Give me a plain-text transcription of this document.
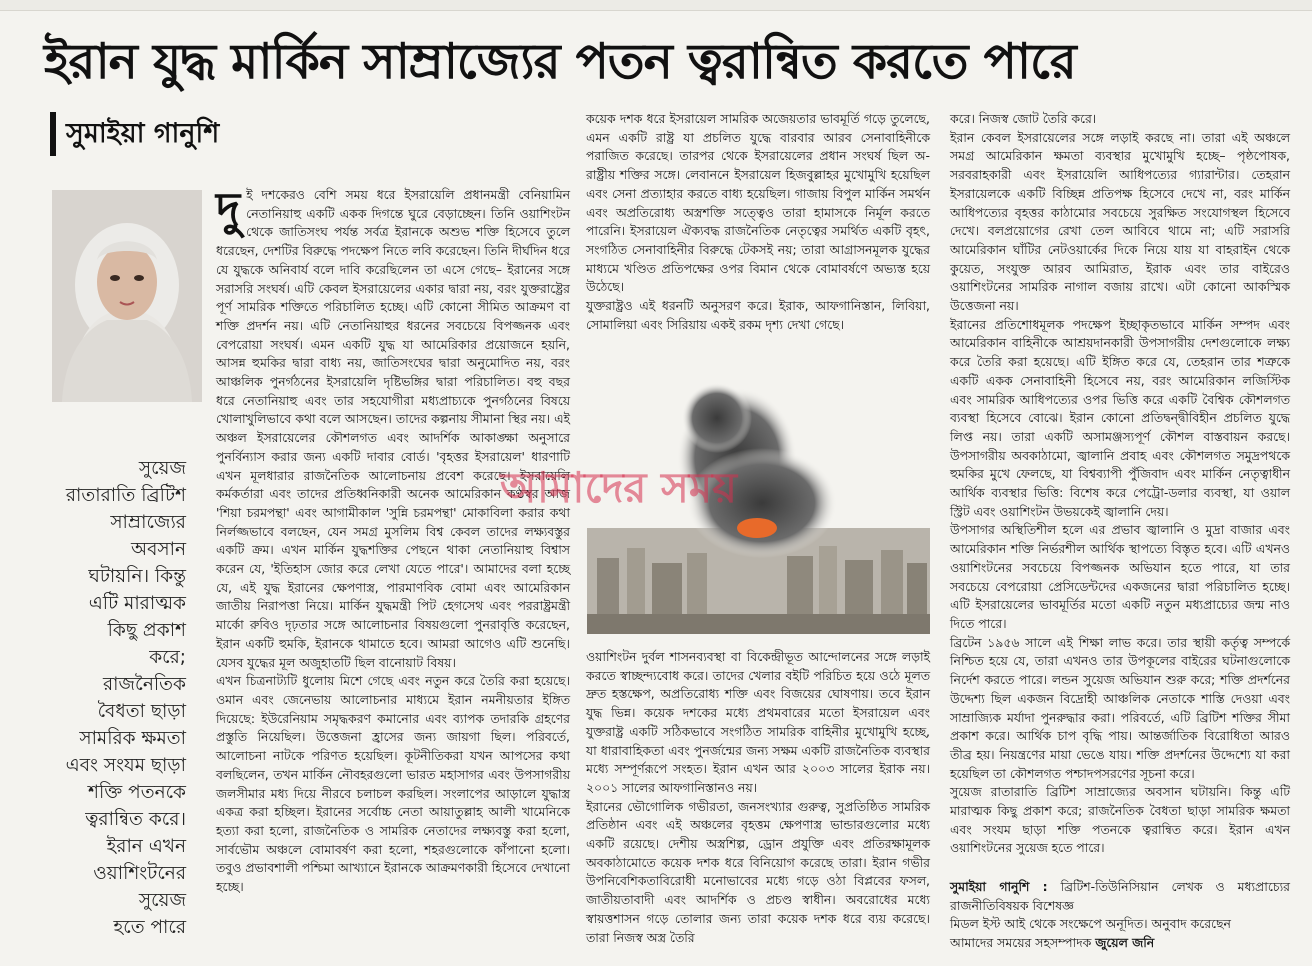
ইরান যুদ্ধ মার্কিন সাম্রাজ্যের পতন ত্বরান্বিত করতে পারে
সুমাইয়া গানুশি
সুয়েজ
রাতারাতি ব্রিটিশ
সাম্রাজ্যের
অবসান
ঘটায়নি। কিন্তু
এটি মারাত্মক
কিছু প্রকাশ
করে;
রাজনৈতিক
বৈধতা ছাড়া
সামরিক ক্ষমতা
এবং সংযম ছাড়া
শক্তি পতনকে
ত্বরান্বিত করে।
ইরান এখন
ওয়াশিংটনের
সুয়েজ
হতে পারে
দু ই দশকেরও বেশি সময় ধরে ইসরায়েলি প্রধানমন্ত্রী বেনিয়ামিন নেতানিয়াহু একটি একক দিগন্তে ঘুরে বেড়াচ্ছেন। তিনি ওয়াশিংটন থেকে জাতিসংঘ পর্যন্ত সর্বত্র ইরানকে অশুভ শক্তি হিসেবে তুলে ধরেছেন, দেশটির বিরুদ্ধে পদক্ষেপ নিতে লবি করেছেন। তিনি দীর্ঘদিন ধরে যে যুদ্ধকে অনিবার্য বলে দাবি করেছিলেন তা এসে গেছে– ইরানের সঙ্গে সরাসরি সংঘর্ষ। এটি কেবল ইসরায়েলের একার দ্বারা নয়, বরং যুক্তরাষ্ট্রের পূর্ণ সামরিক শক্তিতে পরিচালিত হচ্ছে। এটি কোনো সীমিত আক্রমণ বা শক্তি প্রদর্শন নয়। এটি নেতানিয়াহুর ধরনের সবচেয়ে বিপজ্জনক এবং বেপরোয়া সংঘর্ষ। এমন একটি যুদ্ধ যা আমেরিকার প্রয়োজনে হয়নি, আসন্ন হুমকির দ্বারা বাধ্য নয়, জাতিসংঘের দ্বারা অনুমোদিত নয়, বরং আঞ্চলিক পুনর্গঠনের ইসরায়েলি দৃষ্টিভঙ্গির দ্বারা পরিচালিত। বহু বছর ধরে নেতানিয়াহু এবং তার সহযোগীরা মধ্যপ্রাচ্যকে পুনর্গঠনের বিষয়ে খোলাখুলিভাবে কথা বলে আসছেন। তাদের কল্পনায় সীমানা স্থির নয়। এই অঞ্চল ইসরায়েলের কৌশলগত এবং আদর্শিক আকাঙ্ক্ষা অনুসারে পুনর্বিন্যাস করার জন্য একটি দাবার বোর্ড। 'বৃহত্তর ইসরায়েল' ধারণাটি এখন মূলধারার রাজনৈতিক আলোচনায় প্রবেশ করেছে। ইসরায়েলি কর্মকর্তারা এবং তাদের প্রতিধ্বনিকারী অনেক আমেরিকান কণ্ঠস্বর আজ 'শিয়া চরমপন্থা' এবং আগামীকাল 'সুন্নি চরমপন্থা' মোকাবিলা করার কথা নির্লজ্জভাবে বলছেন, যেন সমগ্র মুসলিম বিশ্ব কেবল তাদের লক্ষ্যবস্তুর একটি ক্রম। এখন মার্কিন যুদ্ধশক্তির পেছনে থাকা নেতানিয়াহু বিশ্বাস করেন যে, 'ইতিহাস জোর করে লেখা যেতে পারে'। আমাদের বলা হচ্ছে যে, এই যুদ্ধ ইরানের ক্ষেপণাস্ত্র, পারমাণবিক বোমা এবং আমেরিকান জাতীয় নিরাপত্তা নিয়ে। মার্কিন যুদ্ধমন্ত্রী পিট হেগসেথ এবং পররাষ্ট্রমন্ত্রী মার্কো রুবিও দৃঢ়তার সঙ্গে আলোচনার বিষয়গুলো পুনরাবৃত্তি করেছেন, ইরান একটি হুমকি, ইরানকে থামাতে হবে। আমরা আগেও এটি শুনেছি। যেসব যুদ্ধের মূল অজুহাতটি ছিল বানোয়াট বিষয়।

এখন চিত্রনাট্যটি ধুলোয় মিশে গেছে এবং নতুন করে তৈরি করা হয়েছে। ওমান এবং জেনেভায় আলোচনার মাধ্যমে ইরান নমনীয়তার ইঙ্গিত দিয়েছে: ইউরেনিয়াম সমৃদ্ধকরণ কমানোর এবং ব্যাপক তদারকি গ্রহণের প্রস্তুতি নিয়েছিল। উত্তেজনা হ্রাসের জন্য জায়গা ছিল। পরিবর্তে, আলোচনা নাটকে পরিণত হয়েছিল। কূটনীতিকরা যখন আপসের কথা বলছিলেন, তখন মার্কিন নৌবহরগুলো ভারত মহাসাগর এবং উপসাগরীয় জলসীমার মধ্য দিয়ে নীরবে চলাচল করছিল। সংলাপের আড়ালে যুদ্ধাস্ত্র একত্র করা হচ্ছিল। ইরানের সর্বোচ্চ নেতা আয়াতুল্লাহ আলী খামেনিকে হত্যা করা হলো, রাজনৈতিক ও সামরিক নেতাদের লক্ষ্যবস্তু করা হলো, সার্বভৌম অঞ্চলে বোমাবর্ষণ করা হলো, শহরগুলোকে কাঁপানো হলো। তবুও প্রভাবশালী পশ্চিমা আখ্যানে ইরানকে আক্রমণকারী হিসেবে দেখানো হচ্ছে।

কয়েক দশক ধরে ইসরায়েল সামরিক অজেয়তার ভাবমূর্তি গড়ে তুলেছে, এমন একটি রাষ্ট্র যা প্রচলিত যুদ্ধে বারবার আরব সেনাবাহিনীকে পরাজিত করেছে। তারপর থেকে ইসরায়েলের প্রধান সংঘর্ষ ছিল অ-রাষ্ট্রীয় শক্তির সঙ্গে। লেবাননে ইসরায়েল হিজবুল্লাহর মুখোমুখি হয়েছিল এবং সেনা প্রত্যাহার করতে বাধ্য হয়েছিল। গাজায় বিপুল মার্কিন সমর্থন এবং অপ্রতিরোধ্য অস্ত্রশক্তি সত্ত্বেও তারা হামাসকে নির্মূল করতে পারেনি। ইসরায়েল ঐক্যবদ্ধ রাজনৈতিক নেতৃত্বের সমর্থিত একটি বৃহৎ, সংগঠিত সেনাবাহিনীর বিরুদ্ধে টেকসই নয়; তারা আগ্রাসনমূলক যুদ্ধের মাধ্যমে খণ্ডিত প্রতিপক্ষের ওপর বিমান থেকে বোমাবর্ষণে অভ্যস্ত হয়ে উঠেছে।

যুক্তরাষ্ট্রও এই ধরনটি অনুসরণ করে। ইরাক, আফগানিস্তান, লিবিয়া, সোমালিয়া এবং সিরিয়ায় একই রকম দৃশ্য দেখা গেছে।

আমাদের সময়

ওয়াশিংটন দুর্বল শাসনব্যবস্থা বা বিকেন্দ্রীভূত আন্দোলনের সঙ্গে লড়াই করতে স্বাচ্ছন্দ্যবোধ করে। তাদের খেলার বইটি পরিচিত হয়ে ওঠে মূলত দ্রুত হস্তক্ষেপ, অপ্রতিরোধ্য শক্তি এবং বিজয়ের ঘোষণায়। তবে ইরান যুদ্ধ ভিন্ন। কয়েক দশকের মধ্যে প্রথমবারের মতো ইসরায়েল এবং যুক্তরাষ্ট্র একটি সঠিকভাবে সংগঠিত সামরিক বাহিনীর মুখোমুখি হচ্ছে, যা ধারাবাহিকতা এবং পুনর্জন্মের জন্য সক্ষম একটি রাজনৈতিক ব্যবস্থার মধ্যে সম্পূর্ণরূপে সংহত। ইরান এখন আর ২০০৩ সালের ইরাক নয়। ২০০১ সালের আফগানিস্তানও নয়।

ইরানের ভৌগোলিক গভীরতা, জনসংখ্যার গুরুত্ব, সুপ্রতিষ্ঠিত সামরিক প্রতিষ্ঠান এবং এই অঞ্চলের বৃহত্তম ক্ষেপণাস্ত্র ভান্ডারগুলোর মধ্যে একটি রয়েছে। দেশীয় অস্ত্রশিল্প, ড্রোন প্রযুক্তি এবং প্রতিরক্ষামূলক অবকাঠামোতে কয়েক দশক ধরে বিনিয়োগ করেছে তারা। ইরান গভীর উপনিবেশিকতাবিরোধী মনোভাবের মধ্যে গড়ে ওঠা বিপ্লবের ফসল, জাতীয়তাবাদী এবং আদর্শিক ও প্রচণ্ড স্বাধীন। অবরোধের মধ্যে স্বায়ত্তশাসন গড়ে তোলার জন্য তারা কয়েক দশক ধরে ব্যয় করেছে। তারা নিজস্ব অস্ত্র তৈরি

করে। নিজস্ব জোট তৈরি করে।

ইরান কেবল ইসরায়েলের সঙ্গে লড়াই করছে না। তারা এই অঞ্চলে সমগ্র আমেরিকান ক্ষমতা ব্যবস্থার মুখোমুখি হচ্ছে– পৃষ্ঠপোষক, সরবরাহকারী এবং ইসরায়েলি আধিপত্যের গ্যারান্টার। তেহরান ইসরায়েলকে একটি বিচ্ছিন্ন প্রতিপক্ষ হিসেবে দেখে না, বরং মার্কিন আধিপত্যের বৃহত্তর কাঠামোর সবচেয়ে সুরক্ষিত সংযোগস্থল হিসেবে দেখে। বলপ্রয়োগের রেখা তেল আবিবে থামে না; এটি সরাসরি আমেরিকান ঘাঁটির নেটওয়ার্কের দিকে নিয়ে যায় যা বাহরাইন থেকে কুয়েত, সংযুক্ত আরব আমিরাত, ইরাক এবং তার বাইরেও ওয়াশিংটনের সামরিক নাগাল বজায় রাখে। এটা কোনো আকস্মিক উত্তেজনা নয়।

ইরানের প্রতিশোধমূলক পদক্ষেপ ইচ্ছাকৃতভাবে মার্কিন সম্পদ এবং আমেরিকান বাহিনীকে আশ্রয়দানকারী উপসাগরীয় দেশগুলোকে লক্ষ্য করে তৈরি করা হয়েছে। এটি ইঙ্গিত করে যে, তেহরান তার শত্রুকে একটি একক সেনাবাহিনী হিসেবে নয়, বরং আমেরিকান লজিস্টিক এবং সামরিক আধিপত্যের ওপর ভিত্তি করে একটি বৈশ্বিক কৌশলগত ব্যবস্থা হিসেবে বোঝে। ইরান কোনো প্রতিদ্বন্দ্বীবিহীন প্রচলিত যুদ্ধে লিপ্ত নয়। তারা একটি অসামঞ্জস্যপূর্ণ কৌশল বাস্তবায়ন করছে। উপসাগরীয় অবকাঠামো, জ্বালানি প্রবাহ এবং কৌশলগত সমুদ্রপথকে হুমকির মুখে ফেলছে, যা বিশ্বব্যাপী পুঁজিবাদ এবং মার্কিন নেতৃত্বাধীন আর্থিক ব্যবস্থার ভিত্তি: বিশেষ করে পেট্রো-ডলার ব্যবস্থা, যা ওয়াল স্ট্রিট এবং ওয়াশিংটন উভয়কেই জ্বালানি দেয়।

উপসাগর অস্থিতিশীল হলে এর প্রভাব জ্বালানি ও মুদ্রা বাজার এবং আমেরিকান শক্তি নির্ভরশীল আর্থিক স্থাপত্যে বিস্তৃত হবে। এটি এখনও ওয়াশিংটনের সবচেয়ে বিপজ্জনক অভিযান হতে পারে, যা তার সবচেয়ে বেপরোয়া প্রেসিডেন্টদের একজনের দ্বারা পরিচালিত হচ্ছে। এটি ইসরায়েলের ভাবমূর্তির মতো একটি নতুন মধ্যপ্রাচ্যের জন্ম নাও দিতে পারে।

ব্রিটেন ১৯৫৬ সালে এই শিক্ষা লাভ করে। তার স্থায়ী কর্তৃত্ব সম্পর্কে নিশ্চিত হয়ে যে, তারা এখনও তার উপকূলের বাইরের ঘটনাগুলোকে নির্দেশ করতে পারে। লন্ডন সুয়েজ অভিযান শুরু করে; শক্তি প্রদর্শনের উদ্দেশ্য ছিল একজন বিদ্রোহী আঞ্চলিক নেতাকে শাস্তি দেওয়া এবং সাম্রাজ্যিক মর্যাদা পুনরুদ্ধার করা। পরিবর্তে, এটি ব্রিটিশ শক্তির সীমা প্রকাশ করে। আর্থিক চাপ বৃদ্ধি পায়। আন্তর্জাতিক বিরোধিতা আরও তীব্র হয়। নিয়ন্ত্রণের মায়া ভেঙে যায়। শক্তি প্রদর্শনের উদ্দেশ্যে যা করা হয়েছিল তা কৌশলগত পশ্চাদপসরণের সূচনা করে।

সুয়েজ রাতারাতি ব্রিটিশ সাম্রাজ্যের অবসান ঘটায়নি। কিন্তু এটি মারাত্মক কিছু প্রকাশ করে; রাজনৈতিক বৈধতা ছাড়া সামরিক ক্ষমতা এবং সংযম ছাড়া শক্তি পতনকে ত্বরান্বিত করে। ইরান এখন ওয়াশিংটনের সুয়েজ হতে পারে।

সুমাইয়া গানুশি : ব্রিটিশ-তিউনিসিয়ান লেখক ও মধ্যপ্রাচ্যের রাজনীতিবিষয়ক বিশেষজ্ঞ

মিডল ইস্ট আই থেকে সংক্ষেপে অনূদিত। অনুবাদ করেছেন

আমাদের সময়ের সহসম্পাদক জুয়েল জনি
